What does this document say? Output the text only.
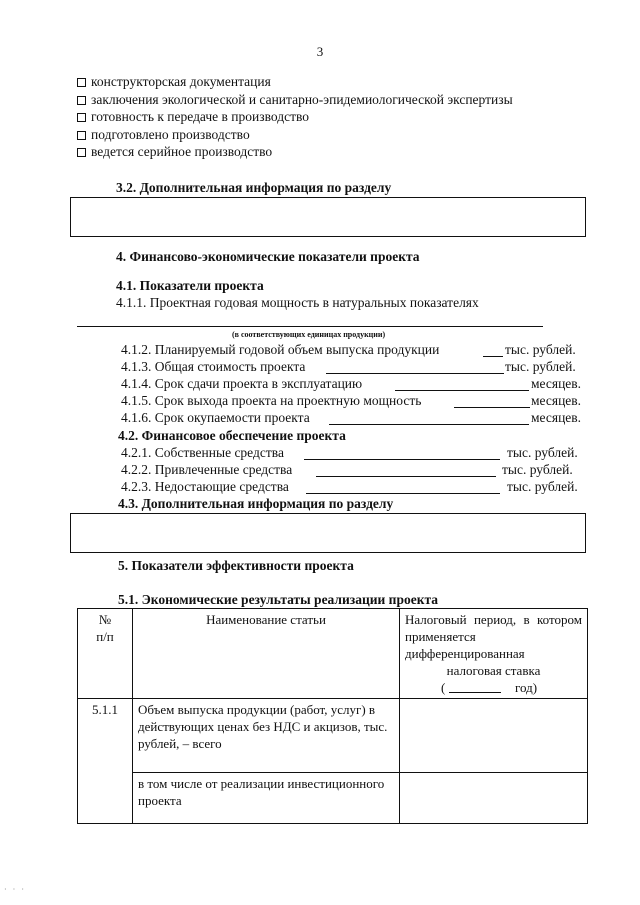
3
конструкторская документация
заключения экологической и санитарно-эпидемиологической экспертизы
готовность к передаче в производство
подготовлено производство
ведется серийное производство
3.2. Дополнительная информация по разделу
4. Финансово-экономические показатели проекта
4.1. Показатели проекта
4.1.1. Проектная годовая мощность в натуральных показателях
(в соответствующих единицах продукции)
4.1.2. Планируемый годовой объем выпуска продукции	тыс. рублей.
4.1.3. Общая стоимость проекта	тыс. рублей.
4.1.4. Срок сдачи проекта в эксплуатацию	месяцев.
4.1.5. Срок выхода проекта на проектную мощность	месяцев.
4.1.6. Срок окупаемости проекта	месяцев.
4.2. Финансовое обеспечение проекта
4.2.1. Собственные средства	тыс. рублей.
4.2.2. Привлеченные средства	тыс. рублей.
4.2.3. Недостающие средства	тыс. рублей.
4.3. Дополнительная информация по разделу
5. Показатели эффективности проекта
5.1. Экономические результаты реализации проекта
№ п/п	Наименование статьи	Налоговый период, в котором применяется дифференцированная налоговая ставка
( год)

5.1.1	Объем выпуска продукции (работ, услуг) в действующих ценах без НДС и акцизов, тыс. рублей, – всего	
	в том числе от реализации инвестиционного проекта	
· · ·
